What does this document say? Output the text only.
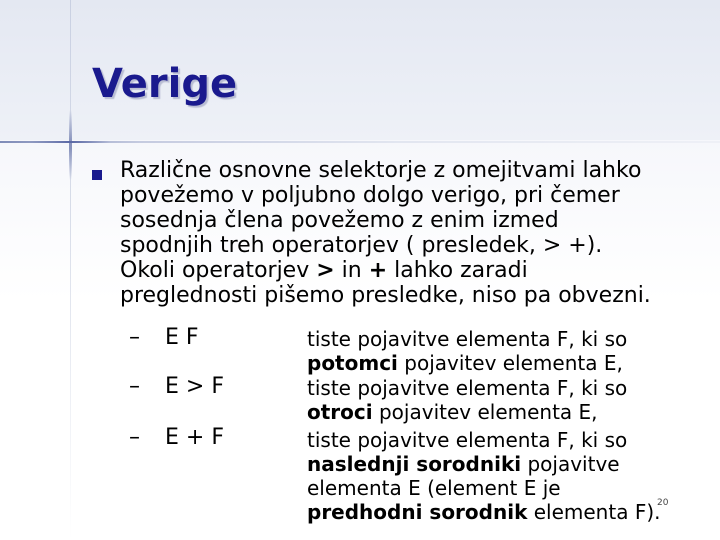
Verige

Različne osnovne selektorje z omejitvami lahko

povežemo v poljubno dolgo verigo, pri čemer

sosednja člena povežemo z enim izmed

spodnjih treh operatorjev ( presledek, > +).

Okoli operatorjev > in + lahko zaradi

preglednosti pišemo presledke, niso pa obvezni.

– E F	tiste pojavitve elementa F, ki so

potomci pojavitev elementa E,

– E > F	tiste pojavitve elementa F, ki so

otroci pojavitev elementa E,

– E + F	tiste pojavitve elementa F, ki so

naslednji sorodniki pojavitve

elementa E (element E je

predhodni sorodnik elementa F).

20
